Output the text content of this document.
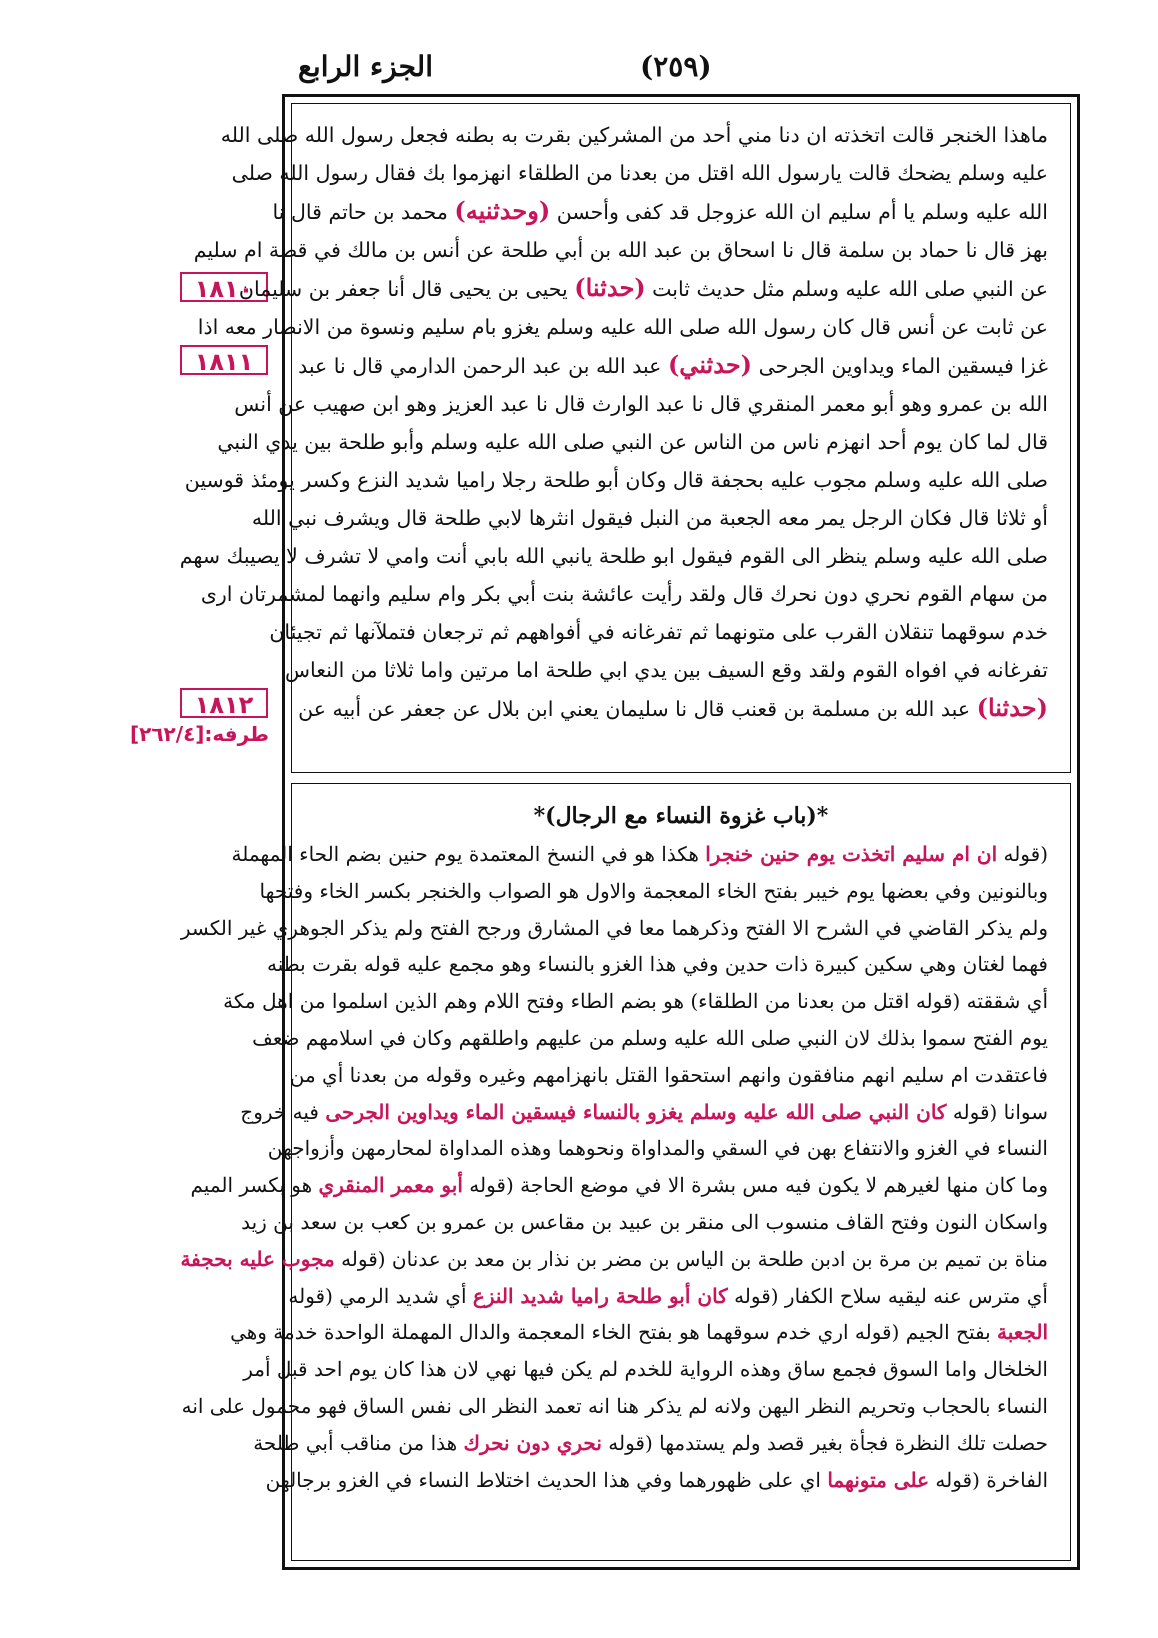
الجزء الرابع	(٢٥٩)
١٨١٠
١٨١١
١٨١٢
طرفه:[٢٦٢/٤]
ماهذا الخنجر قالت اتخذته ان دنا مني أحد من المشركين بقرت به بطنه فجعل رسول الله صلى الله
عليه وسلم يضحك قالت يارسول الله اقتل من بعدنا من الطلقاء انهزموا بك فقال رسول الله صلى
الله عليه وسلم يا أم سليم ان الله عزوجل قد كفى وأحسن (وحدثنيه) محمد بن حاتم قال نا
بهز قال نا حماد بن سلمة قال نا اسحاق بن عبد الله بن أبي طلحة عن أنس بن مالك في قصة ام سليم
عن النبي صلى الله عليه وسلم مثل حديث ثابت (حدثنا) يحيى بن يحيى قال أنا جعفر بن سليمان
عن ثابت عن أنس قال كان رسول الله صلى الله عليه وسلم يغزو بام سليم ونسوة من الانصار معه اذا
غزا فيسقين الماء ويداوين الجرحى (حدثني) عبد الله بن عبد الرحمن الدارمي قال نا عبد
الله بن عمرو وهو أبو معمر المنقري قال نا عبد الوارث قال نا عبد العزيز وهو ابن صهيب عن أنس
قال لما كان يوم أحد انهزم ناس من الناس عن النبي صلى الله عليه وسلم وأبو طلحة بين يدي النبي
صلى الله عليه وسلم مجوب عليه بحجفة قال وكان أبو طلحة رجلا راميا شديد النزع وكسر يومئذ قوسين
أو ثلاثا قال فكان الرجل يمر معه الجعبة من النبل فيقول انثرها لابي طلحة قال ويشرف نبي الله
صلى الله عليه وسلم ينظر الى القوم فيقول ابو طلحة يانبي الله بابي أنت وامي لا تشرف لا يصيبك سهم
من سهام القوم نحري دون نحرك قال ولقد رأيت عائشة بنت أبي بكر وام سليم وانهما لمشمرتان ارى
خدم سوقهما تنقلان القرب على متونهما ثم تفرغانه في أفواههم ثم ترجعان فتملآنها ثم تجيئان
تفرغانه في افواه القوم ولقد وقع السيف بين يدي ابي طلحة اما مرتين واما ثلاثا من النعاس
(حدثنا) عبد الله بن مسلمة بن قعنب قال نا سليمان يعني ابن بلال عن جعفر عن أبيه عن
*(باب غزوة النساء مع الرجال)*
(قوله ان ام سليم اتخذت يوم حنين خنجرا هكذا هو في النسخ المعتمدة يوم حنين بضم الحاء المهملة
وبالنونين وفي بعضها يوم خيبر بفتح الخاء المعجمة والاول هو الصواب والخنجر بكسر الخاء وفتحها
ولم يذكر القاضي في الشرح الا الفتح وذكرهما معا في المشارق ورجح الفتح ولم يذكر الجوهري غير الكسر
فهما لغتان وهي سكين كبيرة ذات حدين وفي هذا الغزو بالنساء وهو مجمع عليه قوله بقرت بطنه
أي شققته (قوله اقتل من بعدنا من الطلقاء) هو بضم الطاء وفتح اللام وهم الذين اسلموا من اهل مكة
يوم الفتح سموا بذلك لان النبي صلى الله عليه وسلم من عليهم واطلقهم وكان في اسلامهم ضعف
فاعتقدت ام سليم انهم منافقون وانهم استحقوا القتل بانهزامهم وغيره وقوله من بعدنا أي من
سوانا (قوله كان النبي صلى الله عليه وسلم يغزو بالنساء فيسقين الماء ويداوين الجرحى فيه خروج
النساء في الغزو والانتفاع بهن في السقي والمداواة ونحوهما وهذه المداواة لمحارمهن وأزواجهن
وما كان منها لغيرهم لا يكون فيه مس بشرة الا في موضع الحاجة (قوله أبو معمر المنقري هو بكسر الميم
واسكان النون وفتح القاف منسوب الى منقر بن عبيد بن مقاعس بن عمرو بن كعب بن سعد بن زيد
مناة بن تميم بن مرة بن ادبن طلحة بن الياس بن مضر بن نذار بن معد بن عدنان (قوله مجوب عليه بحجفة
أي مترس عنه ليقيه سلاح الكفار (قوله كان أبو طلحة راميا شديد النزع أي شديد الرمي (قوله
الجعبة بفتح الجيم (قوله اري خدم سوقهما هو بفتح الخاء المعجمة والدال المهملة الواحدة خدمة وهي
الخلخال واما السوق فجمع ساق وهذه الرواية للخدم لم يكن فيها نهي لان هذا كان يوم احد قبل أمر
النساء بالحجاب وتحريم النظر اليهن ولانه لم يذكر هنا انه تعمد النظر الى نفس الساق فهو محمول على انه
حصلت تلك النظرة فجأة بغير قصد ولم يستدمها (قوله نحري دون نحرك هذا من مناقب أبي طلحة
الفاخرة (قوله على متونهما اي على ظهورهما وفي هذا الحديث اختلاط النساء في الغزو برجالهن
